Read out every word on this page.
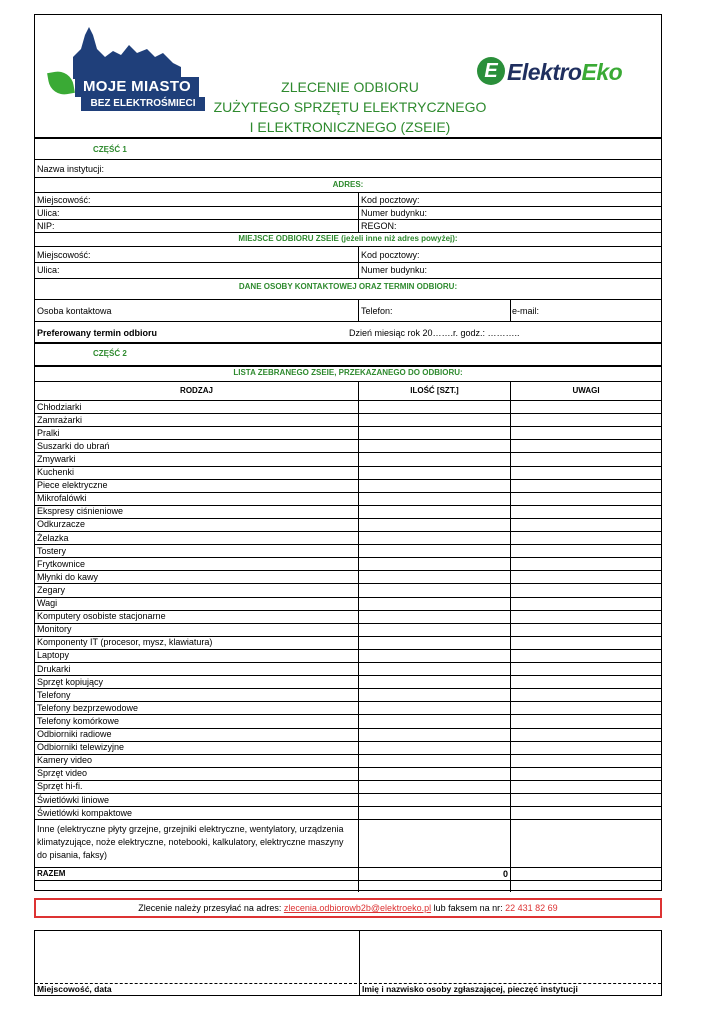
MOJE MIASTO
BEZ ELEKTROŚMIECI
ZLECENIE ODBIORU
ZUŻYTEGO SPRZĘTU ELEKTRYCZNEGO
I ELEKTRONICZNEGO (ZSEIE)
E ElektroEko
CZĘŚĆ 1
Nazwa instytucji:
ADRES:
Miejscowość:	Kod pocztowy:
Ulica:	Numer budynku:
NIP:	REGON:
MIEJSCE ODBIORU ZSEIE (jeżeli inne niż adres powyżej):
Miejscowość:	Kod pocztowy:
Ulica:	Numer budynku:
DANE OSOBY KONTAKTOWEJ ORAZ TERMIN ODBIORU:
Osoba kontaktowa	Telefon:	e-mail:
Preferowany termin odbioru	Dzień miesiąc rok 20…….r. godz.: ………..
CZĘŚĆ 2
LISTA ZEBRANEGO ZSEIE, PRZEKAZANEGO DO ODBIORU:
RODZAJ	ILOŚĆ [SZT.]	UWAGI
Chłodziarki
Zamrażarki
Pralki
Suszarki do ubrań
Zmywarki
Kuchenki
Piece elektryczne
Mikrofalówki
Ekspresy ciśnieniowe
Odkurzacze
Żelazka
Tostery
Frytkownice
Młynki do kawy
Zegary
Wagi
Komputery osobiste stacjonarne
Monitory
Komponenty IT (procesor, mysz, klawiatura)
Laptopy
Drukarki
Sprzęt kopiujący
Telefony
Telefony bezprzewodowe
Telefony komórkowe
Odbiorniki radiowe
Odbiorniki telewizyjne
Kamery video
Sprzęt video
Sprzęt hi-fi.
Świetlówki liniowe
Świetlówki kompaktowe
Inne (elektryczne płyty grzejne, grzejniki elektryczne, wentylatory, urządzenia
klimatyzujące, noże elektryczne, notebooki, kalkulatory, elektryczne maszyny
do pisania, faksy)
RAZEM	0
Zlecenie należy przesyłać na adres: zlecenia.odbiorowb2b@elektroeko.pl lub faksem na nr: 22 431 82 69
Miejscowość, data	Imię i nazwisko osoby zgłaszającej, pieczęć instytucji
